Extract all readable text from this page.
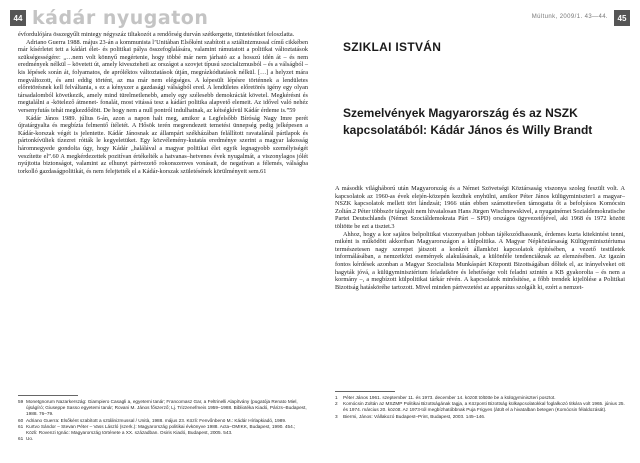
44 kádár nyugaton

évfordulójára összegyűlt mintegy négyszáz tiltakozót a rendőrség durván szétkergette, tüntetésüket feloszlatta.

Adriano Guerra 1988. május 23-án a kommunista l’Unitàban Elsőként szabított a sztálinizmussal című cikkében már kísérletet tett a kádári élet- és politikai pálya összefoglalására, valamint rámutatott a politikai változtatások szükségességére: „…nem volt könnyű megértenie, hogy többé már nem járható az a hosszú idén át – és nem eredmények nélkül – követett út, amely kiveszteheti az országot a szovjet típusú szocializmusból – és a válságból – kis lépések során át, folyamatos, de apróléktos változtatások útján, megrázkódtatások nélkül. […] a helyzet mára megváltozott, és ami eddig történt, az ma már nem elégséges. A képesült lépésre történnek a lendületes előretörésnek kell felváltania, s ez a kényszer a gazdasági válságból ered. A lendületes előretörés igény egy olyan társadalomból következik, amely mind türelmetlenebb, amely egy szélesebb demokráciát követel. Megkérésni és megtalálni a -kötelező átmenet- fonalát, most vitássá tesz a kádári politika alapvető elemeit. Az idővel való nehéz versenyfutás tehát megkezdődött. De hogy nem a null pontról indulhatnak, az kétségkívül Kádár érdeme is.”59

Kádár János 1989. július 6-án, azon a napon halt meg, amikor a Legfelsőbb Bíróság Nagy Imre perét újratárgyalta és megbízta felmentő ítéletét. A Hősök terén megrendezett temetési ünnepség pedig jelképesen a Kádár-korszak végét is jelentette. Kádár Jánosnak az állampárt székházában felállított ravatalánál pártlapok és pártonkívüliek tízezrei rótták le kegyeletüket. Egy közvélemény-kutatás eredménye szerint a magyar lakosság háromnegyede gondolta úgy, hogy Kádár „halálával a magyar politikai élet egyik legnagyobb személyiségét veszítette el”.60 A megkérdezettek pozitívan értékelték a hatvanas–hetvenes évek nyugalmát, a viszonylagos jólét nyújtotta biztonságot, valamint az elhunyt pártvezető rokonszenves vonásait, de negatívan a félemés, válságba torkolló gazdaságpolitikát, és nem felejtették el a Kádár-korszak születésének körülményeit sem.61

59 Monetgnorum Nazarkerszág: Giampiero Casagli a, egyetemi tanár; Francomasz Gar, a Feltrinelli Alapítvány (pugatója Renato Miel, újságíró; Giuseppe Sasso egyetemi tanár; Rovani M. János főszerző; Lj. Trizzenefmeis 1959–1988. Bibliotéka Kiadó, Párizs–Budapest, 1988. 76–79.
60 Adriano Guerra: Elsőként szabított a sztálinizmussal / Unità, 1988. május 23. Közli: Fenvőnbenö M.: Kádár Hírlapkiadó, 1989.
61 Kurtvo Sándor – Stevan Péter – Vass László (szerk.): Magyarország politikai évkönyve 1988. Acta–OMIKK, Budapest, 1990. 454.; Közli: Rovenzi Ignác: Magyarország története a XX. században. Osiris Kiadó, Budapest, 2005. 543.
61 Uo.
Múltunk, 2009/1. 43—44.	45
SZIKLAI ISTVÁN
Szemelvények Magyarország és az NSZK kapcsolatából: Kádár János és Willy Brandt

A második világháború után Magyarország és a Német Szövetségi Köztársaság viszonya szoleg feszült volt. A kapcsolatok az 1960-as évek elején-közepén kezdtek enyhülni, amikor Péter János külügyminiszter1 a magyar–NSZK kapcsolatok mellett tört lándzsát; 1966 után ebben számottevően támogatta őt a befolyásos Komócsin Zoltán.2 Péter többször tárgyalt nem hivatalosan Hans Jürgen Wischnewskivel, a nyugatnémet Sozialdemokratische Partei Deutschlands (Német Szociáldemokrata Párt – SPD) országos ügyvezetőjével, aki 1968 és 1972 között töltötte be ezt a tisztet.3

Ahhoz, hogy a kor sajátos belpolitikai viszonyaiban jobban tájékozódhassunk, érdemes kurta kitekintést tenni, miként is működött akkoriban Magyarországon a külpolitika. A Magyar Népköztársaság Külügyminisztériuma természetesen nagy szerepet játszott a konkrét államközi kapcsolatok építésében, a vezető testületek informálásában, a nemzetközi események alakulásának, a különféle tendenciáknak az elemzésében. Az igazán fontos kérdések azonban a Magyar Szocialista Munkáspárt Központi Bizottságában dőltek el, az irányelveket ott hagyták jóvá, a külügyminisztérium feladatköre és lehetősége volt feladni szintén a KB gyakorolta – és nem a kormány –, a megbízott külpolitikai tárkár révén. A kapcsolatok minősítése, a főbb trendek kijelölése a Politikai Bizottság hatásköréhe tartozott. Mivel minden pártvezetést az apparátus szolgált ki, ezért a nemzet-

1	Péter János 1961. szeptember 11. és 1973. december 14. között töltötte be a külügyminiszteri posztot.
2	Komócsin Zoltán az MSZMP Politikai Bizottságának tagja, a Központi Bizottság külkapcsolatokkal foglalkozó titkára volt 1965. június 25. és 1974. március 20. között. Az 1973-tól megbízhatóbbnak Puja Frigyes (átült el a hivatalban betegen (Komócsin félaldozását).
3	Biermi, János: Vállakozó Budapest–Print, Budapest, 2003. 145–146.
